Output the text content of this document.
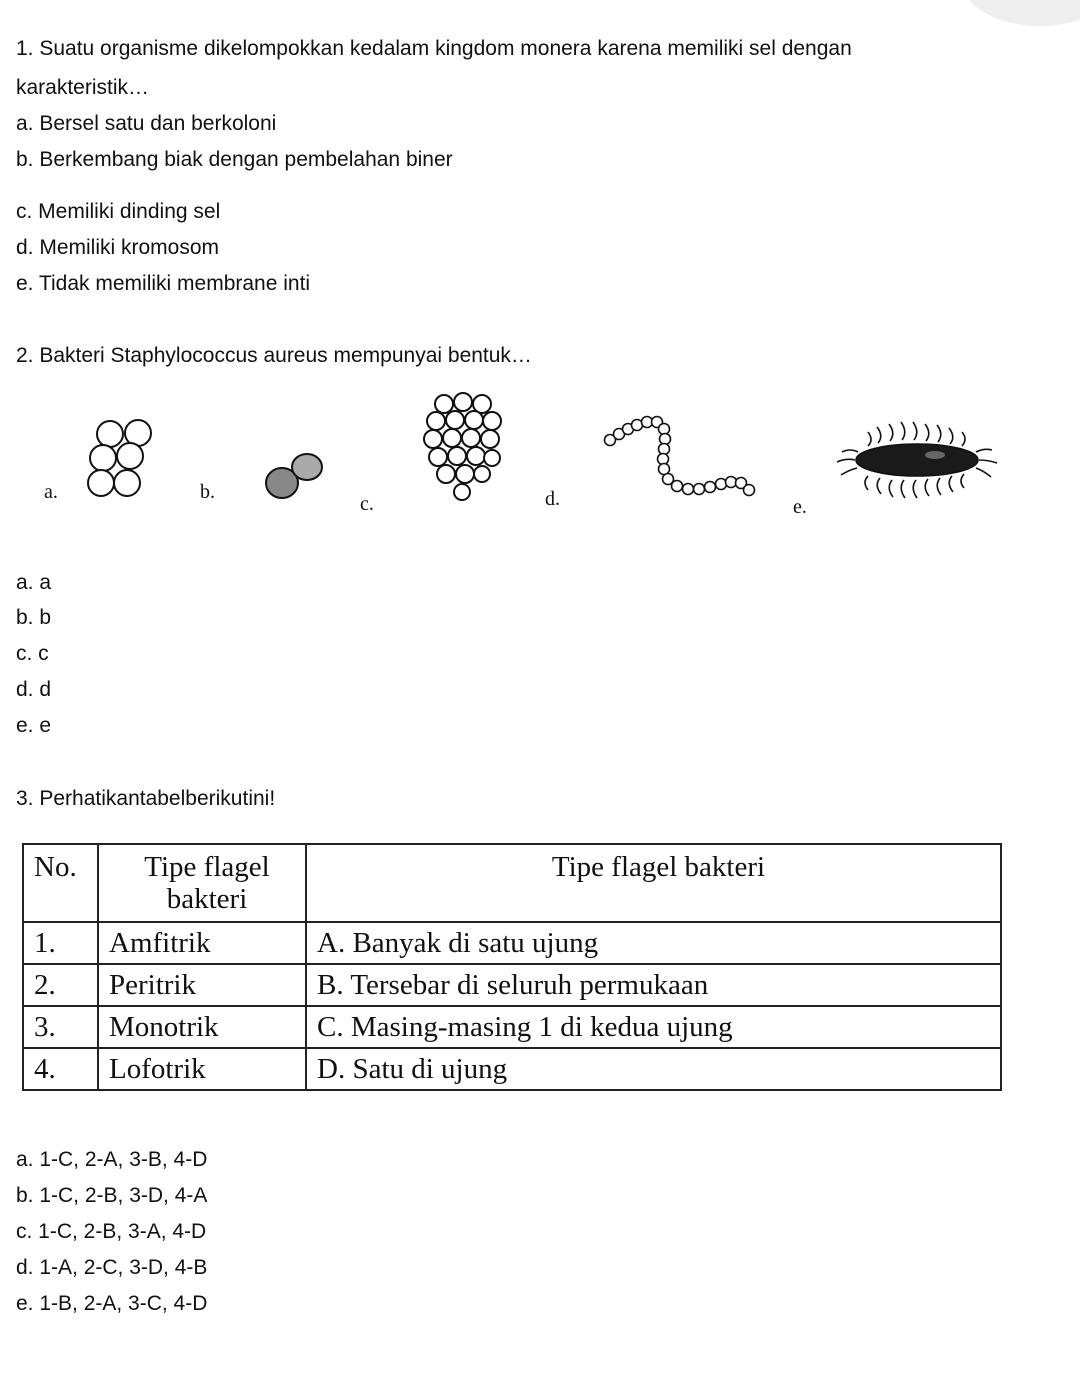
1. Suatu organisme dikelompokkan kedalam kingdom monera karena memiliki sel dengan
karakteristik…
a. Bersel satu dan berkoloni
b. Berkembang biak dengan pembelahan biner
c. Memiliki dinding sel
d. Memiliki kromosom
e. Tidak memiliki membrane inti
2. Bakteri Staphylococcus aureus mempunyai bentuk…
a.	b.
c.	d.	e.
a. a
b. b
c. c
d. d
e. e
3. Perhatikantabelberikutini!
No.	Tipe flagel bakteri	Tipe flagel bakteri
1.	Amfitrik	A. Banyak di satu ujung
2.	Peritrik	B. Tersebar di seluruh permukaan
3.	Monotrik	C. Masing-masing 1 di kedua ujung
4.	Lofotrik	D. Satu di ujung
a. 1-C, 2-A, 3-B, 4-D
b. 1-C, 2-B, 3-D, 4-A
c. 1-C, 2-B, 3-A, 4-D
d. 1-A, 2-C, 3-D, 4-B
e. 1-B, 2-A, 3-C, 4-D
